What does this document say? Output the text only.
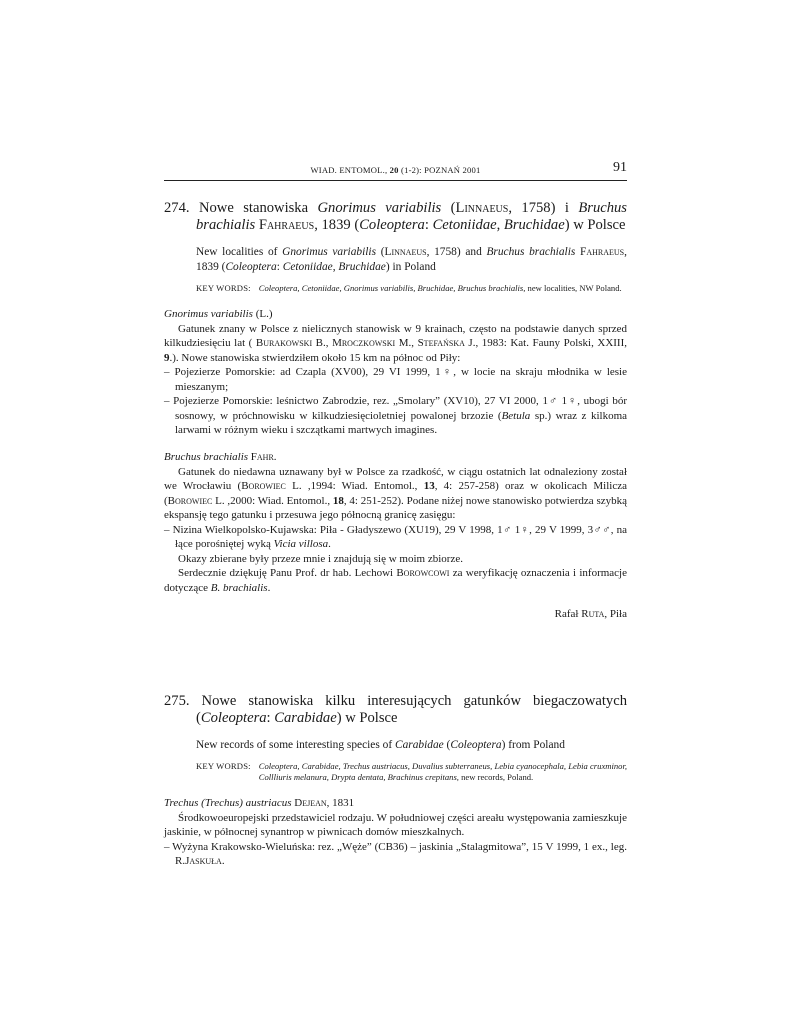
WIAD. ENTOMOL., 20 (1-2): POZNAŃ 2001	91
274. Nowe stanowiska Gnorimus variabilis (Linnaeus, 1758) i Bruchus brachialis Fahraeus, 1839 (Coleoptera: Cetoniidae, Bruchidae) w Polsce
New localities of Gnorimus variabilis (Linnaeus, 1758) and Bruchus brachialis Fahraeus, 1839 (Coleoptera: Cetoniidae, Bruchidae) in Poland
KEY WORDS: Coleoptera, Cetoniidae, Gnorimus variabilis, Bruchidae, Bruchus brachialis, new localities, NW Poland.
Gnorimus variabilis (L.)

Gatunek znany w Polsce z nielicznych stanowisk w 9 krainach, często na podstawie danych sprzed kilkudziesięciu lat ( Burakowski B., Mroczkowski M., Stefańska J., 1983: Kat. Fauny Polski, XXIII, 9.). Nowe stanowiska stwierdziłem około 15 km na północ od Piły:

– Pojezierze Pomorskie: ad Czapla (XV00), 29 VI 1999, 1♀, w locie na skraju młodnika w lesie mieszanym;

– Pojezierze Pomorskie: leśnictwo Zabrodzie, rez. „Smolary” (XV10), 27 VI 2000, 1♂ 1♀, ubogi bór sosnowy, w próchnowisku w kilkudziesięcioletniej powalonej brzozie (Betula sp.) wraz z kilkoma larwami w różnym wieku i szczątkami martwych imagines.

Bruchus brachialis Fahr.

Gatunek do niedawna uznawany był w Polsce za rzadkość, w ciągu ostatnich lat odnaleziony został we Wrocławiu (Borowiec L. ,1994: Wiad. Entomol., 13, 4: 257-258) oraz w okolicach Milicza (Borowiec L. ,2000: Wiad. Entomol., 18, 4: 251-252). Podane niżej nowe stanowisko potwierdza szybką ekspansję tego gatunku i przesuwa jego północną granicę zasięgu:

– Nizina Wielkopolsko-Kujawska: Piła - Gładyszewo (XU19), 29 V 1998, 1♂ 1♀, 29 V 1999, 3♂♂, na łące porośniętej wyką Vicia villosa.

Okazy zbierane były przeze mnie i znajdują się w moim zbiorze.

Serdecznie dziękuję Panu Prof. dr hab. Lechowi Borowcowi za weryfikację oznaczenia i informacje dotyczące B. brachialis.

Rafał Ruta, Piła
275. Nowe stanowiska kilku interesujących gatunków biegaczowatych (Coleoptera: Carabidae) w Polsce
New records of some interesting species of Carabidae (Coleoptera) from Poland
KEY WORDS: Coleoptera, Carabidae, Trechus austriacus, Duvalius subterraneus, Lebia cyanocephala, Lebia cruxminor, Collliuris melanura, Drypta dentata, Brachinus crepitans, new records, Poland.
Trechus (Trechus) austriacus Dejean, 1831

Środkowoeuropejski przedstawiciel rodzaju. W południowej części areału występowania zamieszkuje jaskinie, w północnej synantrop w piwnicach domów mieszkalnych.

– Wyżyna Krakowsko-Wieluńska: rez. „Węże” (CB36) – jaskinia „Stalagmitowa”, 15 V 1999, 1 ex., leg. R.Jaskuła.
